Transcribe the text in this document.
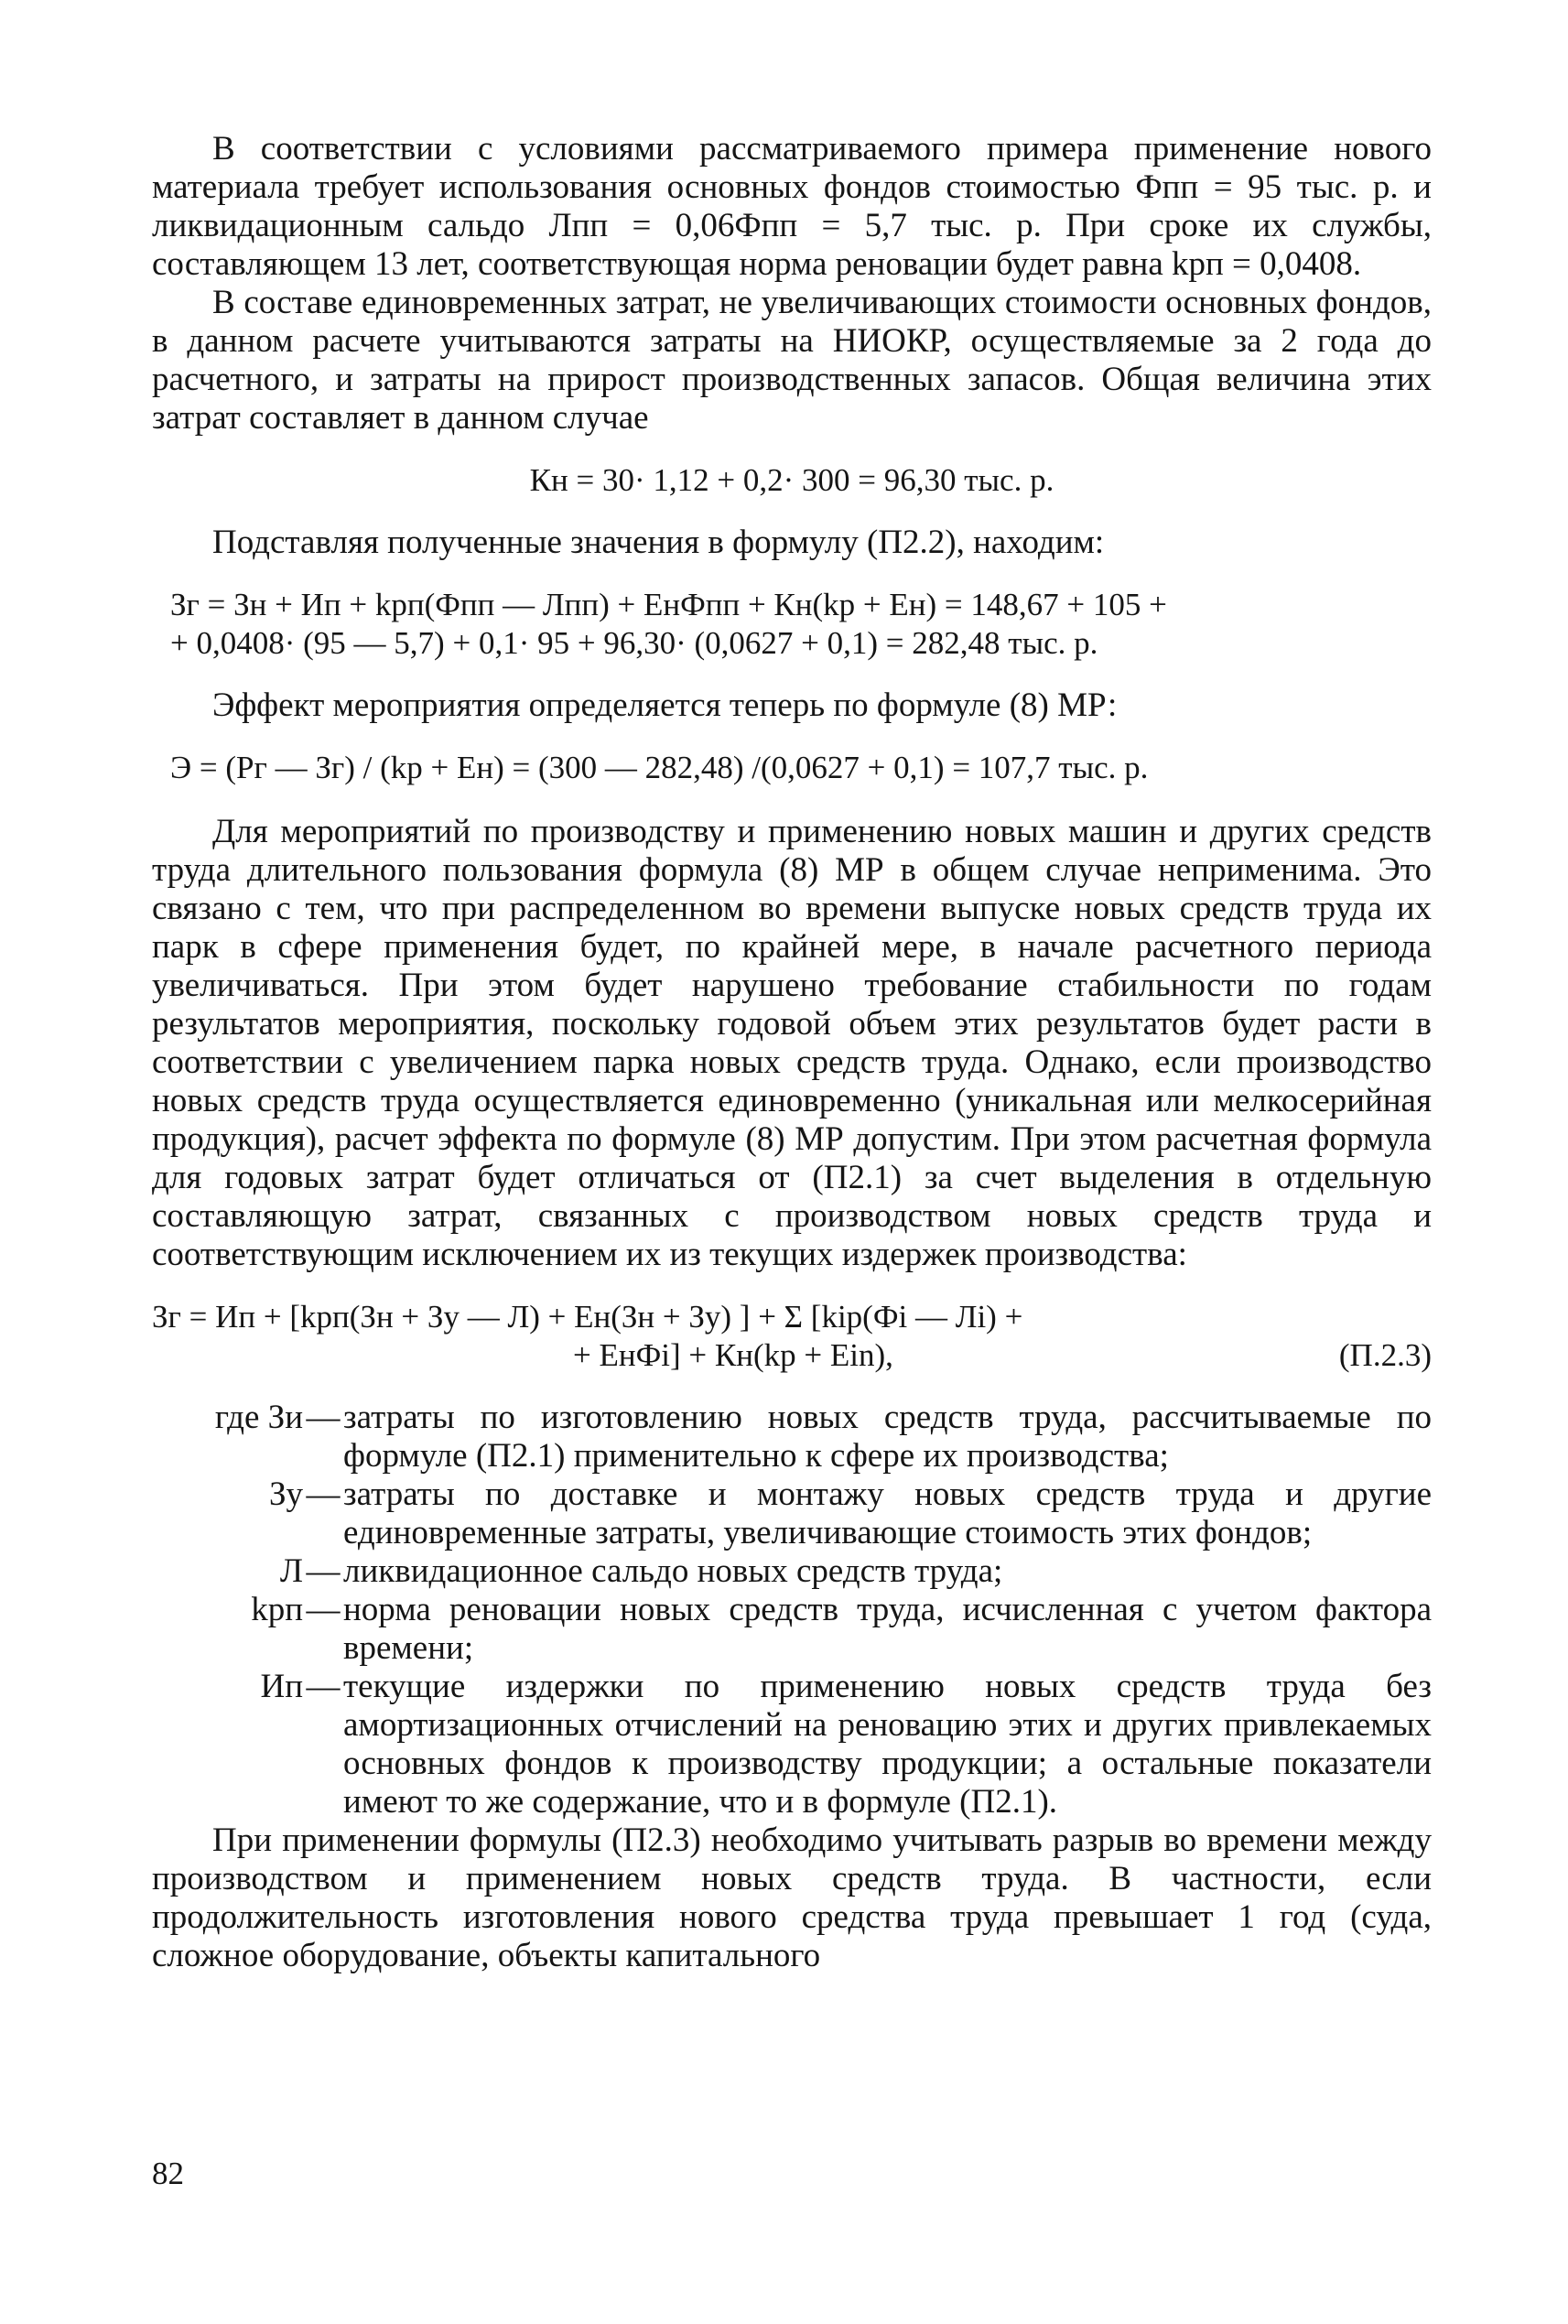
В соответствии с условиями рассматриваемого примера применение нового материала требует использования основных фондов стоимостью Фпп = 95 тыс. р. и ликвидационным сальдо Лпп = 0,06Фпп = 5,7 тыс. р. При сроке их службы, составляющем 13 лет, соответствующая норма реновации будет равна kрп = 0,0408.

В составе единовременных затрат, не увеличивающих стоимости основных фондов, в данном расчете учитываются затраты на НИОКР, осуществляемые за 2 года до расчетного, и затраты на прирост производственных запасов. Общая величина этих затрат составляет в данном случае

Кн = 30· 1,12 + 0,2· 300 = 96,30 тыс. р.

Подставляя полученные значения в формулу (П2.2), находим:

Зг = Зн + Ип + kрп(Фпп — Лпп) + ЕнФпп + Кн(kр + Ен) = 148,67 + 105 +

+ 0,0408· (95 — 5,7) + 0,1· 95 + 96,30· (0,0627 + 0,1) = 282,48 тыс. р.

Эффект мероприятия определяется теперь по формуле (8) МР:

Э = (Рг — Зг) / (kр + Ен) = (300 — 282,48) /(0,0627 + 0,1) = 107,7 тыс. р.

Для мероприятий по производству и применению новых машин и других средств труда длительного пользования формула (8) МР в общем случае неприменима. Это связано с тем, что при распределенном во времени выпуске новых средств труда их парк в сфере применения будет, по крайней мере, в начале расчетного периода увеличиваться. При этом будет нарушено требование стабильности по годам результатов мероприятия, поскольку годовой объем этих результатов будет расти в соответствии с увеличением парка новых средств труда. Однако, если производство новых средств труда осуществляется единовременно (уникальная или мелкосерийная продукция), расчет эффекта по формуле (8) МР допустим. При этом расчетная формула для годовых затрат будет отличаться от (П2.1) за счет выделения в отдельную составляющую затрат, связанных с производством новых средств труда и соответствующим исключением их из текущих издержек производства:

Зг = Ип + [kрп(Зн + Зу — Л) + Ен(Зн + Зу) ] + Σ [kiр(Фi — Лi) +

+ ЕнФi] + Кн(kр + Ein),	(П.2.3)
где Зи — затраты по изготовлению новых средств труда, рассчитываемые по формуле (П2.1) применительно к сфере их производства;
Зу — затраты по доставке и монтажу новых средств труда и другие единовременные затраты, увеличивающие стоимость этих фондов;
Л — ликвидационное сальдо новых средств труда;
kрп — норма реновации новых средств труда, исчисленная с учетом фактора времени;
Ип — текущие издержки по применению новых средств труда без амортизационных отчислений на реновацию этих и других привлекаемых основных фондов к производству продукции; а остальные показатели имеют то же содержание, что и в формуле (П2.1).

При применении формулы (П2.3) необходимо учитывать разрыв во времени между производством и применением новых средств труда. В частности, если продолжительность изготовления нового средства труда превышает 1 год (суда, сложное оборудование, объекты капитального

82
